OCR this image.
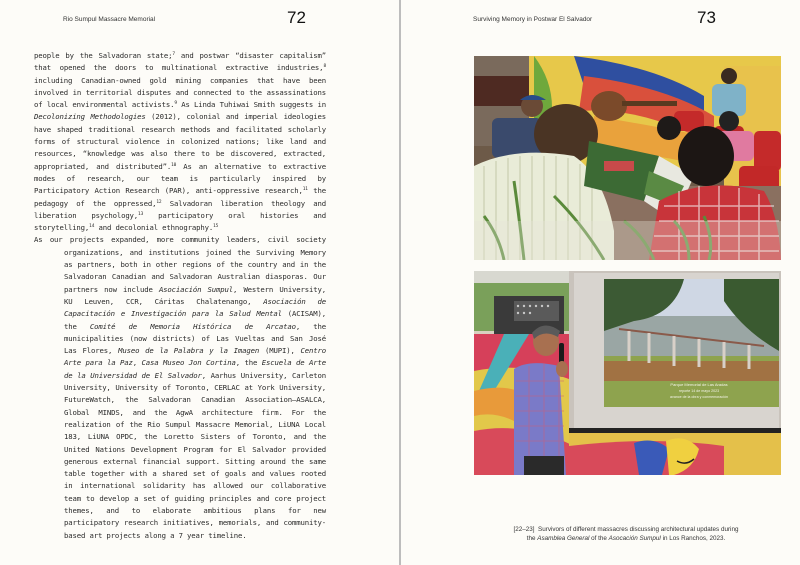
Rio Sumpul Massacre Memorial	72

people by the Salvadoran state;$^7$ and postwar “disaster capitalism” that opened the doors to multinational extractive industries,$^8$ including Canadian-owned gold mining companies that have been involved in territorial disputes and connected to the assassinations of local environmental activists.$^9$ As Linda Tuhiwai Smith suggests in Decolonizing Methodologies (2012), colonial and imperial ideologies have shaped traditional research methods and facilitated scholarly forms of structural violence in colonized nations; like land and resources, “knowledge was also there to be discovered, extracted, appropriated, and distributed”.$^{10}$ As an alternative to extractive modes of research, our team is particularly inspired by Participatory Action Research (PAR), anti-oppressive research,$^{11}$ the pedagogy of the oppressed,$^{12}$ Salvadoran liberation theology and liberation psychology,$^{13}$ participatory oral histories and storytelling,$^{14}$ and decolonial ethnography.$^{15}$

As our projects expanded, more community leaders, civil society organizations, and institutions joined the Surviving Memory as partners, both in other regions of the country and in the Salvadoran Canadian and Salvadoran Australian diasporas. Our partners now include Asociación Sumpul, Western University, KU Leuven, CCR, Cáritas Chalatenango, Asociación de Capacitación e Investigación para la Salud Mental (ACISAM), the Comité de Memoria Histórica de Arcatao, the municipalities (now districts) of Las Vueltas and San José Las Flores, Museo de la Palabra y la Imagen (MUPI), Centro Arte para la Paz, Casa Museo Jon Cortina, the Escuela de Arte de la Universidad de El Salvador, Aarhus University, Carleton University, University of Toronto, CERLAC at York University, FutureWatch, the Salvadoran Canadian Association–ASALCA, Global MINDS, and the AgwA architecture firm. For the realization of the Rio Sumpul Massacre Memorial, LiUNA Local 183, LiUNA OPDC, the Loretto Sisters of Toronto, and the United Nations Development Program for El Salvador provided generous external financial support. Sitting around the same table together with a shared set of goals and values rooted in international solidarity has allowed our collaborative team to develop a set of guiding principles and core project themes, and to elaborate ambitious plans for new participatory research initiatives, memorials, and community-based art projects along a 7 year timeline.

Surviving Memory in Postwar El Salvador	73
Parque Memorial de Las Aradas
reporte 14 de mayo 2023
avance de la obra y conmemoración
[22–23] Survivors of different massacres discussing architectural updates during
the Asamblea General of the Asocación Sumpul in Los Ranchos, 2023.
